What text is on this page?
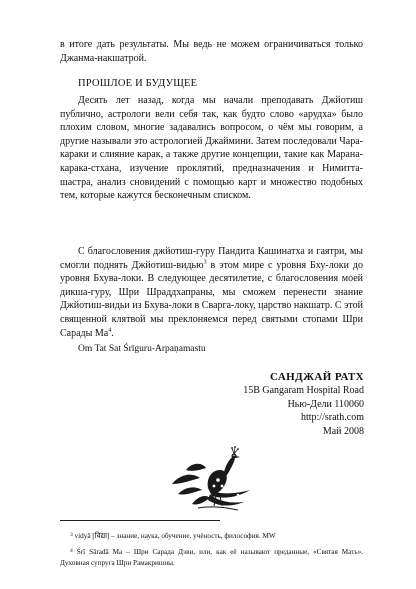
в итоге дать результаты. Мы ведь не можем ограничиваться только Джанма-накшатрой.

ПРОШЛОЕ И БУДУЩЕЕ

Десять лет назад, когда мы начали преподавать Джйотиш публично, астрологи вели себя так, как будто слово «арудха» было плохим словом, многие задавались вопросом, о чём мы говорим, а другие называли это астрологией Джаймини. Затем последовали Чара-караки и слияние карак, а также другие концепции, такие как Марана-карака-стхана, изучение проклятий, предназначения и Нимитта-шастра, анализ сновидений с помощью карт и множество подобных тем, которые кажутся бесконечным списком.

С благословения джйотиш-гуру Пандита Кашинатха и гаятри, мы смогли поднять Джйотиш-видью$^3$ в этом мире с уровня Бху-локи до уровня Бхува-локи. В следующее десятилетие, с благословения моей дикша-гуру, Шри Шраддхапраны, мы сможем перенести знание Джйотиш-видьи из Бхува-локи в Сварга-локу, царство накшатр. С этой священной клятвой мы преклоняемся перед святыми стопами Шри Сарады $Ма^4$.

Om Tat Sat Śrīguru-Arpaṇamastu

САНДЖАЙ РАТХ
15B Gangaram Hospital Road
Нью-Дели 110060
http://srath.com
Май 2008

$^3$ vidyā [विद्या] – знание, наука, обучение, учёность, философия. MW

$^4$ Śrī Sāradā Ma – Шри Сарада Дэви, или, как её называют преданные, «Святая Мать». Духовная супруга Шри Рамакришны.
